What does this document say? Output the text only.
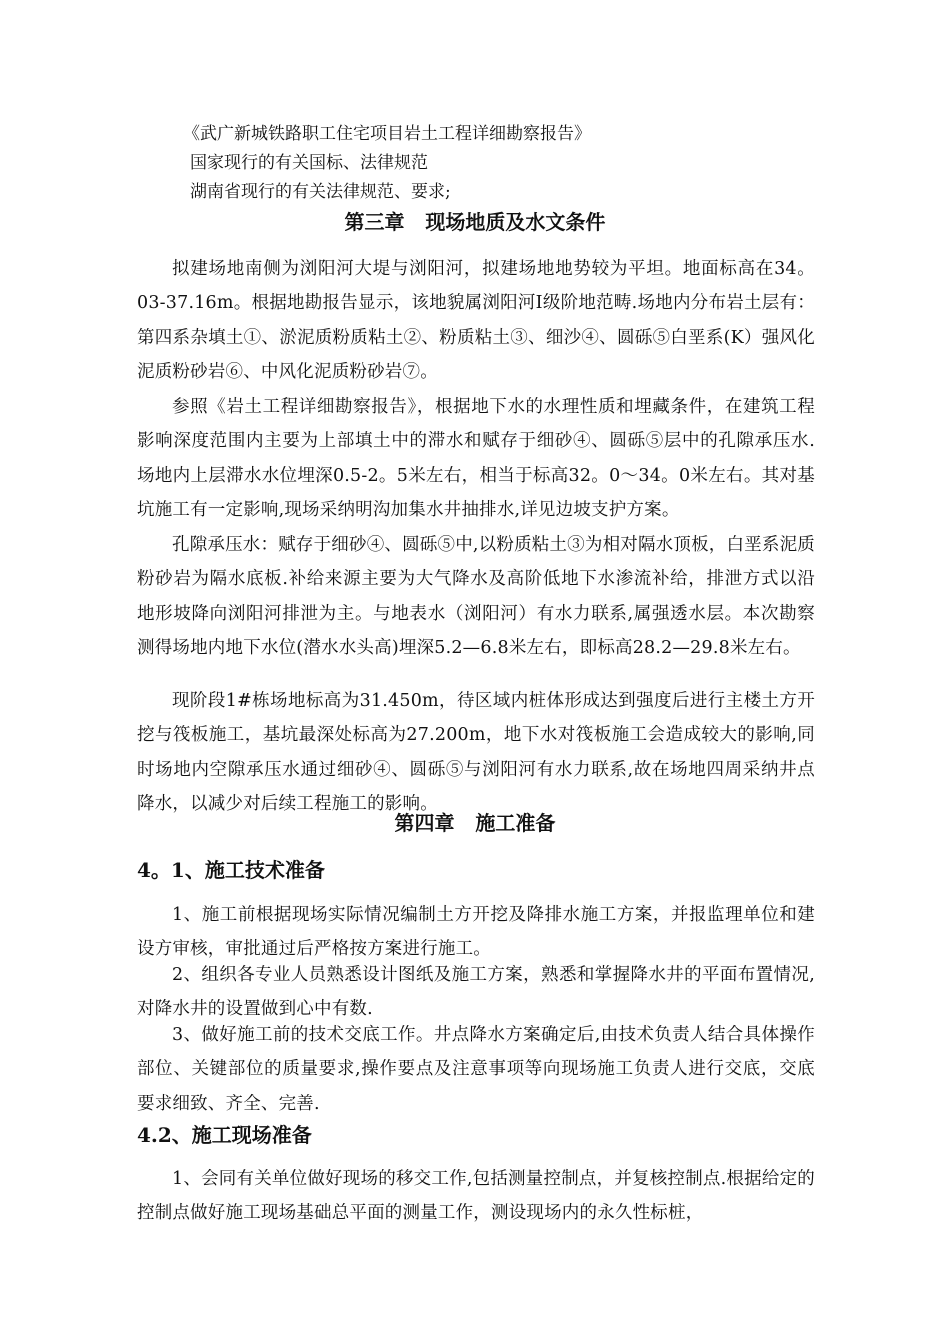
《武广新城铁路职工住宅项目岩土工程详细勘察报告》
国家现行的有关国标、法律规范
湖南省现行的有关法律规范、要求;
第三章   现场地质及水文条件
拟建场地南侧为浏阳河大堤与浏阳河，拟建场地地势较为平坦。地面标高在34。03-37.16m。根据地勘报告显示，该地貌属浏阳河Ⅰ级阶地范畴.场地内分布岩土层有：第四系杂填土①、淤泥质粉质粘土②、粉质粘土③、细沙④、圆砾⑤白垩系(K）强风化泥质粉砂岩⑥、中风化泥质粉砂岩⑦。
参照《岩土工程详细勘察报告》，根据地下水的水理性质和埋藏条件，在建筑工程影响深度范围内主要为上部填土中的滞水和赋存于细砂④、圆砾⑤层中的孔隙承压水.场地内上层滞水水位埋深0.5-2。5米左右，相当于标高32。0～34。0米左右。其对基坑施工有一定影响,现场采纳明沟加集水井抽排水,详见边坡支护方案。
孔隙承压水：赋存于细砂④、圆砾⑤中,以粉质粘土③为相对隔水顶板，白垩系泥质粉砂岩为隔水底板.补给来源主要为大气降水及高阶低地下水渗流补给，排泄方式以沿地形坡降向浏阳河排泄为主。与地表水（浏阳河）有水力联系,属强透水层。本次勘察测得场地内地下水位(潜水水头高)埋深5.2—6.8米左右，即标高28.2—29.8米左右。
现阶段1#栋场地标高为31.450m，待区域内桩体形成达到强度后进行主楼土方开挖与筏板施工，基坑最深处标高为27.200m，地下水对筏板施工会造成较大的影响,同时场地内空隙承压水通过细砂④、圆砾⑤与浏阳河有水力联系,故在场地四周采纳井点降水，以减少对后续工程施工的影响。
第四章   施工准备
4。1、施工技术准备
1、施工前根据现场实际情况编制土方开挖及降排水施工方案，并报监理单位和建设方审核，审批通过后严格按方案进行施工。
2、组织各专业人员熟悉设计图纸及施工方案，熟悉和掌握降水井的平面布置情况,对降水井的设置做到心中有数.
3、做好施工前的技术交底工作。井点降水方案确定后,由技术负责人结合具体操作部位、关键部位的质量要求,操作要点及注意事项等向现场施工负责人进行交底，交底要求细致、齐全、完善.
4.2、施工现场准备
1、会同有关单位做好现场的移交工作,包括测量控制点，并复核控制点.根据给定的控制点做好施工现场基础总平面的测量工作，测设现场内的永久性标桩，
